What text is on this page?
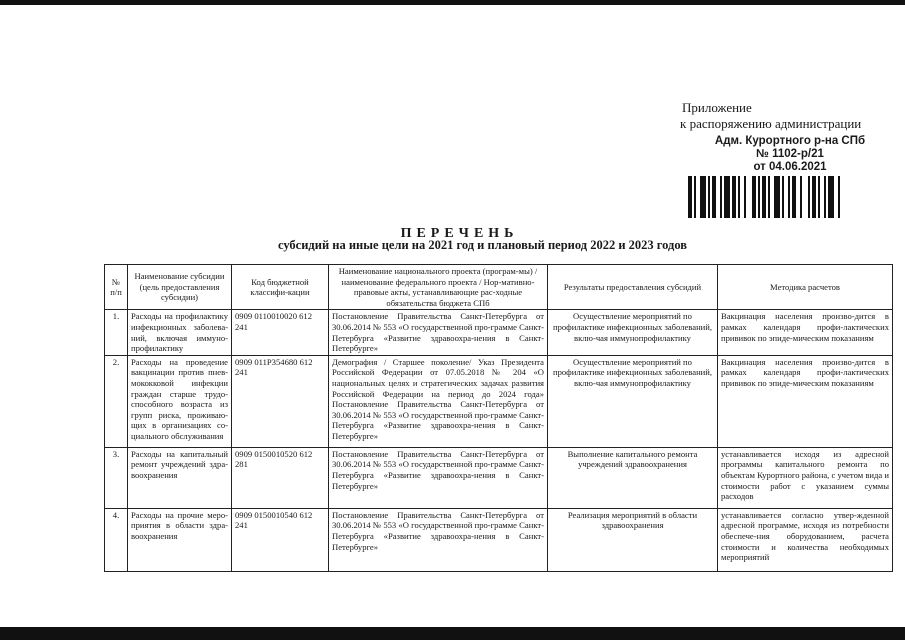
Приложение
к распоряжению администрации
Адм. Курортного р-на СПб
№ 1102-р/21
от 04.06.2021
ПЕРЕЧЕНЬ
субсидий на иные цели на 2021 год и плановый период 2022 и 2023 годов
№ п/п	Наименование субсидии (цель предоставления субсидии)	Код бюджетной классифи-кации	Наименование национального проекта (програм-мы) / наименование федерального проекта / Нор-мативно-правовые акты, устанавливающие рас-ходные обязательства бюджета СПб	Результаты предоставления субсидий	Методика расчетов
1.	Расходы на профилактику инфекционных заболева-ний, включая иммуно-профилактику	0909 0110010020 612 241	Постановление Правительства Санкт-Петербурга от 30.06.2014 № 553 «О государственной про-грамме Санкт-Петербурга «Развитие здравоохра-нения в Санкт-Петербурге»	Осуществление мероприятий по профилактике инфекционных заболеваний, вклю-чая иммунопрофилактику	Вакцинация населения произво-дится в рамках календаря профи-лактических прививок по эпиде-мическим показаниям
2.	Расходы на проведение вакцинации против пнев-мококковой инфекции граждан старше трудо-способного возраста из групп риска, проживаю-щих в организациях со-циального обслуживания	0909 011P354680 612 241	Демография / Старшее поколение/ Указ Президента Российской Федерации от 07.05.2018 № 204 «О национальных целях и стратегических задачах развития Российской Федерации на период до 2024 года» Постановление Правительства Санкт-Петербурга от 30.06.2014 № 553 «О государственной про-грамме Санкт-Петербурга «Развитие здравоохра-нения в Санкт-Петербурге»	Осуществление мероприятий по профилактике инфекционных заболеваний, вклю-чая иммунопрофилактику	Вакцинация населения произво-дится в рамках календаря профи-лактических прививок по эпиде-мическим показаниям
3.	Расходы на капитальный ремонт учреждений здра-воохранения	0909 0150010520 612 281	Постановление Правительства Санкт-Петербурга от 30.06.2014 № 553 «О государственной про-грамме Санкт-Петербурга «Развитие здравоохра-нения в Санкт-Петербурге»	Выполнение капитального ремонта учреждений здравоохранения	устанавливается исходя из адресной программы капитального ремонта по объектам Курортного района, с учетом вида и стоимости работ с указанием суммы расходов
4.	Расходы на прочие меро-приятия в области здра-воохранения	0909 0150010540 612 241	Постановление Правительства Санкт-Петербурга от 30.06.2014 № 553 «О государственной про-грамме Санкт-Петербурга «Развитие здравоохра-нения в Санкт-Петербурге»	Реализация мероприятий в области здравоохранения	устанавливается согласно утвер-жденной адресной программе, исходя из потребности обеспече-ния оборудованием, расчета стоимости и количества необходимых мероприятий
